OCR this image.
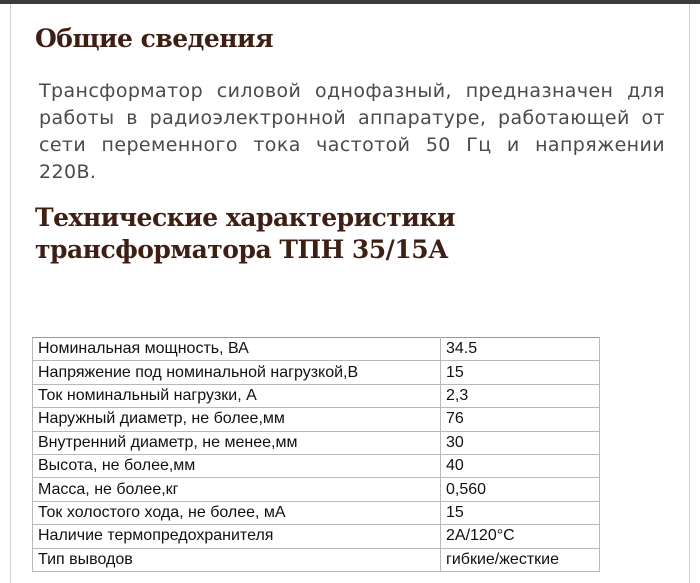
Общие сведения

Трансформатор силовой однофазный, предназначен для работы в радиоэлектронной аппаратуре, работающей от сети переменного тока частотой 50 Гц и напряжении 220В.

Технические характеристики
трансформатора ТПН 35/15А
Номинальная мощность, ВА	34.5
Напряжение под номинальной нагрузкой,В	15
Ток номинальный нагрузки, А	2,3
Наружный диаметр, не более,мм	76
Внутренний диаметр, не менее,мм	30
Высота, не более,мм	40
Масса, не более,кг	0,560
Ток холостого хода, не более, мА	15
Наличие термопредохранителя	2А/120°С
Тип выводов	гибкие/жесткие
